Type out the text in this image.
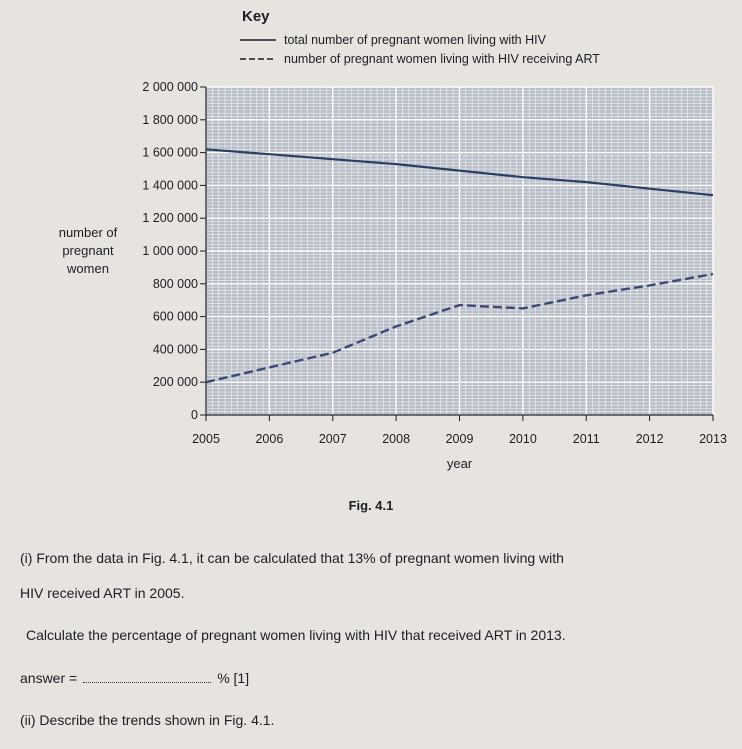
Key
total number of pregnant women living with HIV
number of pregnant women living with HIV receiving ART
number of
pregnant
women
0
200 000
400 000
600 000
800 000
1 000 000
1 200 000
1 400 000
1 600 000
1 800 000
2 000 000
2005	2006	2007	2008	2009	2010	2011	2012	2013
year
Fig. 4.1
(i) From the data in Fig. 4.1, it can be calculated that 13% of pregnant women living with
HIV received ART in 2005.
Calculate the percentage of pregnant women living with HIV that received ART in 2013.
answer =	% [1]
(ii) Describe the trends shown in Fig. 4.1.
